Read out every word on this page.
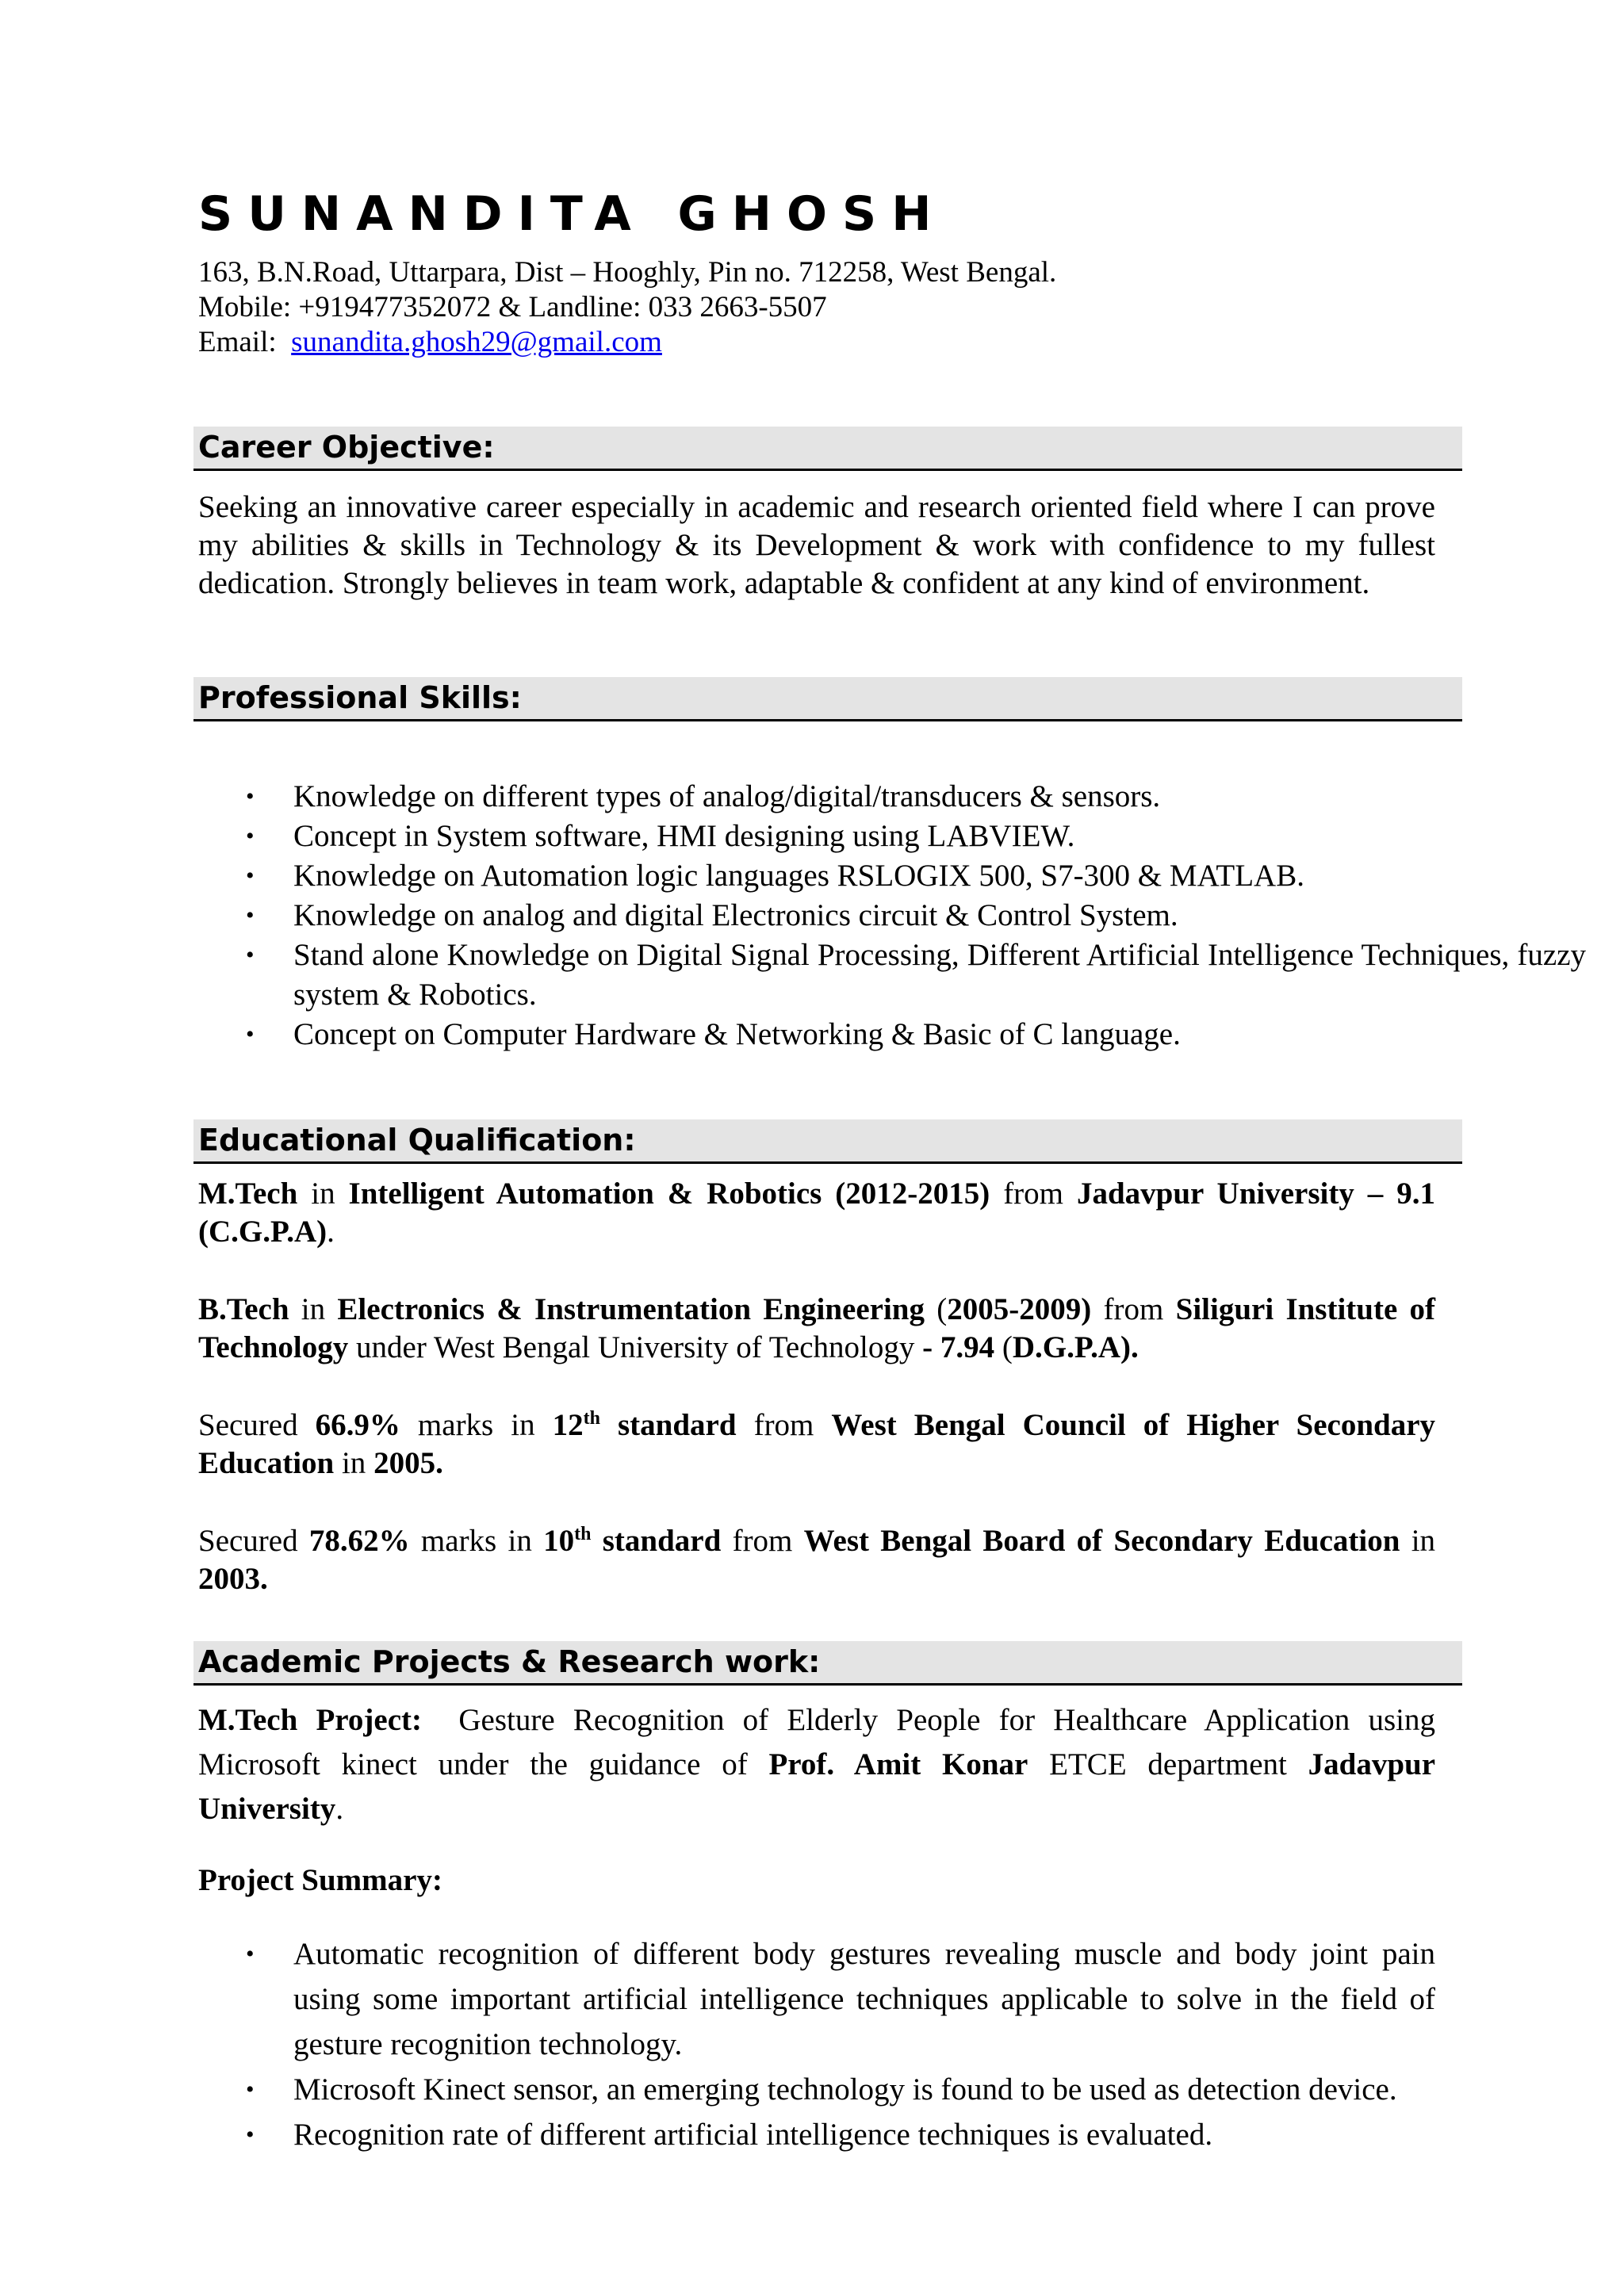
SUNANDITA GHOSH
163, B.N.Road, Uttarpara, Dist – Hooghly, Pin no. 712258, West Bengal.
Mobile: +919477352072 & Landline: 033 2663-5507
Email: sunandita.ghosh29@gmail.com
Career Objective:

Seeking an innovative career especially in academic and research oriented field where I can prove my abilities & skills in Technology & its Development & work with confidence to my fullest dedication. Strongly believes in team work, adaptable & confident at any kind of environment.

Professional Skills:
• Knowledge on different types of analog/digital/transducers & sensors.
• Concept in System software, HMI designing using LABVIEW.
• Knowledge on Automation logic languages RSLOGIX 500, S7-300 & MATLAB.
• Knowledge on analog and digital Electronics circuit & Control System.
• Stand alone Knowledge on Digital Signal Processing, Different Artificial Intelligence Techniques, fuzzy system & Robotics.
• Concept on Computer Hardware & Networking & Basic of C language.
Educational Qualification:

M.Tech in Intelligent Automation & Robotics (2012-2015) from Jadavpur University – 9.1 (C.G.P.A).

B.Tech in Electronics & Instrumentation Engineering (2005-2009) from Siliguri Institute of Technology under West Bengal University of Technology - 7.94 (D.G.P.A).

Secured 66.9% marks in 12th standard from West Bengal Council of Higher Secondary Education in 2005.

Secured 78.62% marks in 10th standard from West Bengal Board of Secondary Education in 2003.

Academic Projects & Research work:

M.Tech Project: Gesture Recognition of Elderly People for Healthcare Application using Microsoft kinect under the guidance of Prof. Amit Konar ETCE department Jadavpur University.

Project Summary:

• Automatic recognition of different body gestures revealing muscle and body joint pain using some important artificial intelligence techniques applicable to solve in the field of gesture recognition technology.
• Microsoft Kinect sensor, an emerging technology is found to be used as detection device.
• Recognition rate of different artificial intelligence techniques is evaluated.
